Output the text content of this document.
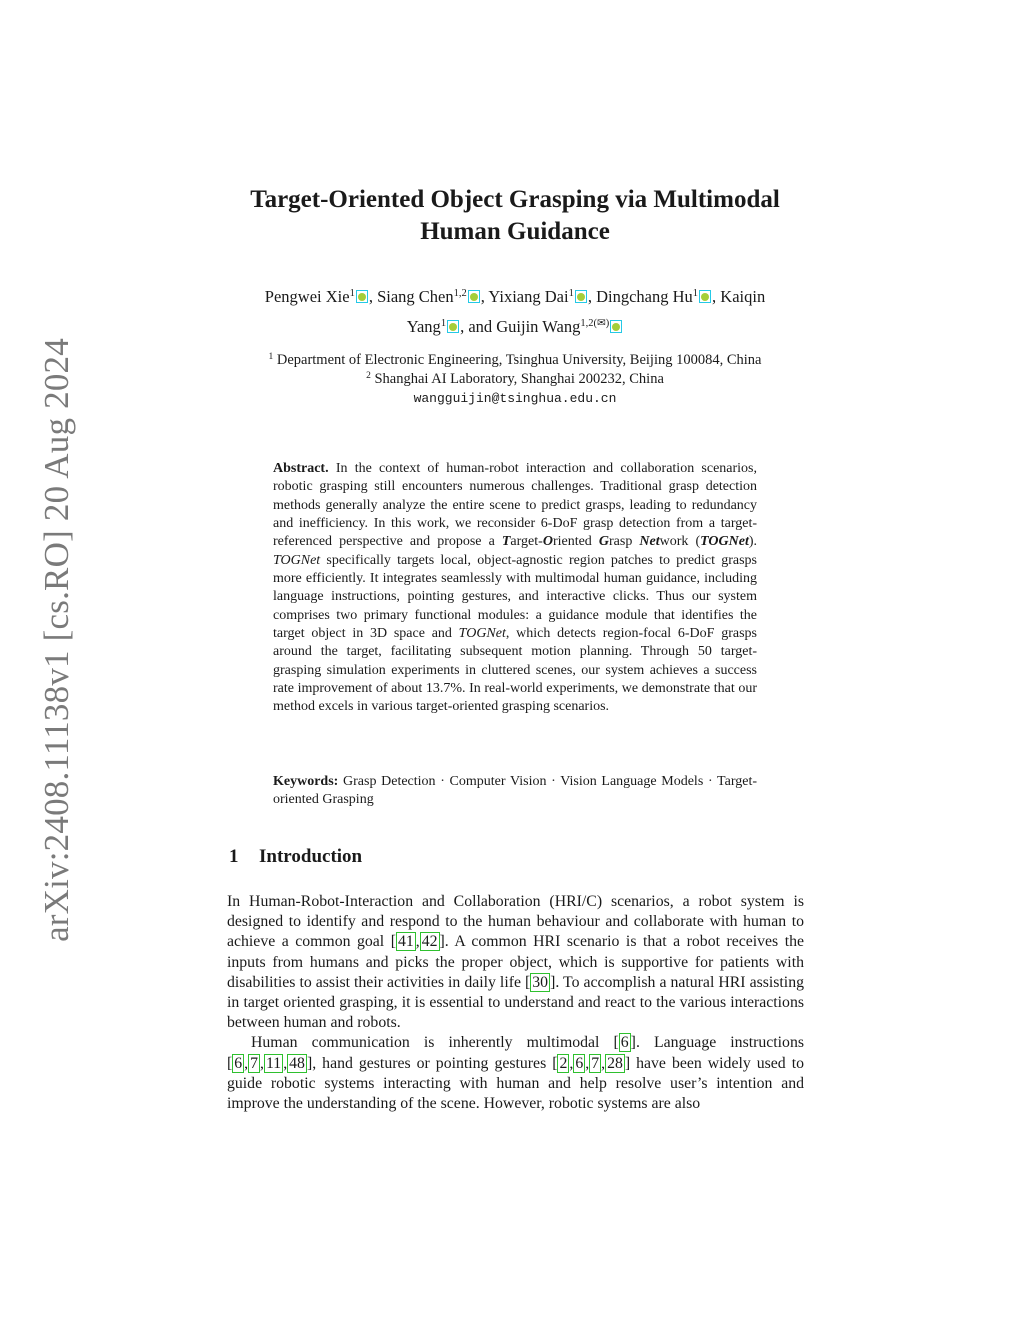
arXiv:2408.11138v1 [cs.RO] 20 Aug 2024
Target-Oriented Object Grasping via Multimodal
Human Guidance
Pengwei Xie$^1$ , Siang Chen$^{1,2}$ , Yixiang Dai$^1$ , Dingchang Hu$^1$ , Kaiqin
Yang$^1$ , and Guijin Wang$^{1,2(✉)}$
$^1$ Department of Electronic Engineering, Tsinghua University, Beijing 100084, China
$^2$ Shanghai AI Laboratory, Shanghai 200232, China
wangguijin@tsinghua.edu.cn
Abstract. In the context of human-robot interaction and collaboration scenarios, robotic grasping still encounters numerous challenges. Traditional grasp detection methods generally analyze the entire scene to predict grasps, leading to redundancy and inefficiency. In this work, we reconsider 6-DoF grasp detection from a target-referenced perspective and propose a Target-Oriented Grasp Network (TOGNet). TOGNet specifically targets local, object-agnostic region patches to predict grasps more efficiently. It integrates seamlessly with multimodal human guidance, including language instructions, pointing gestures, and interactive clicks. Thus our system comprises two primary functional modules: a guidance module that identifies the target object in 3D space and TOGNet, which detects region-focal 6-DoF grasps around the target, facilitating subsequent motion planning. Through 50 target-grasping simulation experiments in cluttered scenes, our system achieves a success rate improvement of about 13.7%. In real-world experiments, we demonstrate that our method excels in various target-oriented grasping scenarios.
Keywords: Grasp Detection · Computer Vision · Vision Language Models · Target-oriented Grasping
1 Introduction

In Human-Robot-Interaction and Collaboration (HRI/C) scenarios, a robot system is designed to identify and respond to the human behaviour and collaborate with human to achieve a common goal [ 41 , 42 ]. A common HRI scenario is that a robot receives the inputs from humans and picks the proper object, which is supportive for patients with disabilities to assist their activities in daily life [ 30 ]. To accomplish a natural HRI assisting in target oriented grasping, it is essential to understand and react to the various interactions between human and robots.

Human communication is inherently multimodal [ 6 ]. Language instructions [ 6 , 7 , 11 , 48 ], hand gestures or pointing gestures [ 2 , 6 , 7 , 28 ] have been widely used to guide robotic systems interacting with human and help resolve user’s intention and improve the understanding of the scene. However, robotic systems are also
